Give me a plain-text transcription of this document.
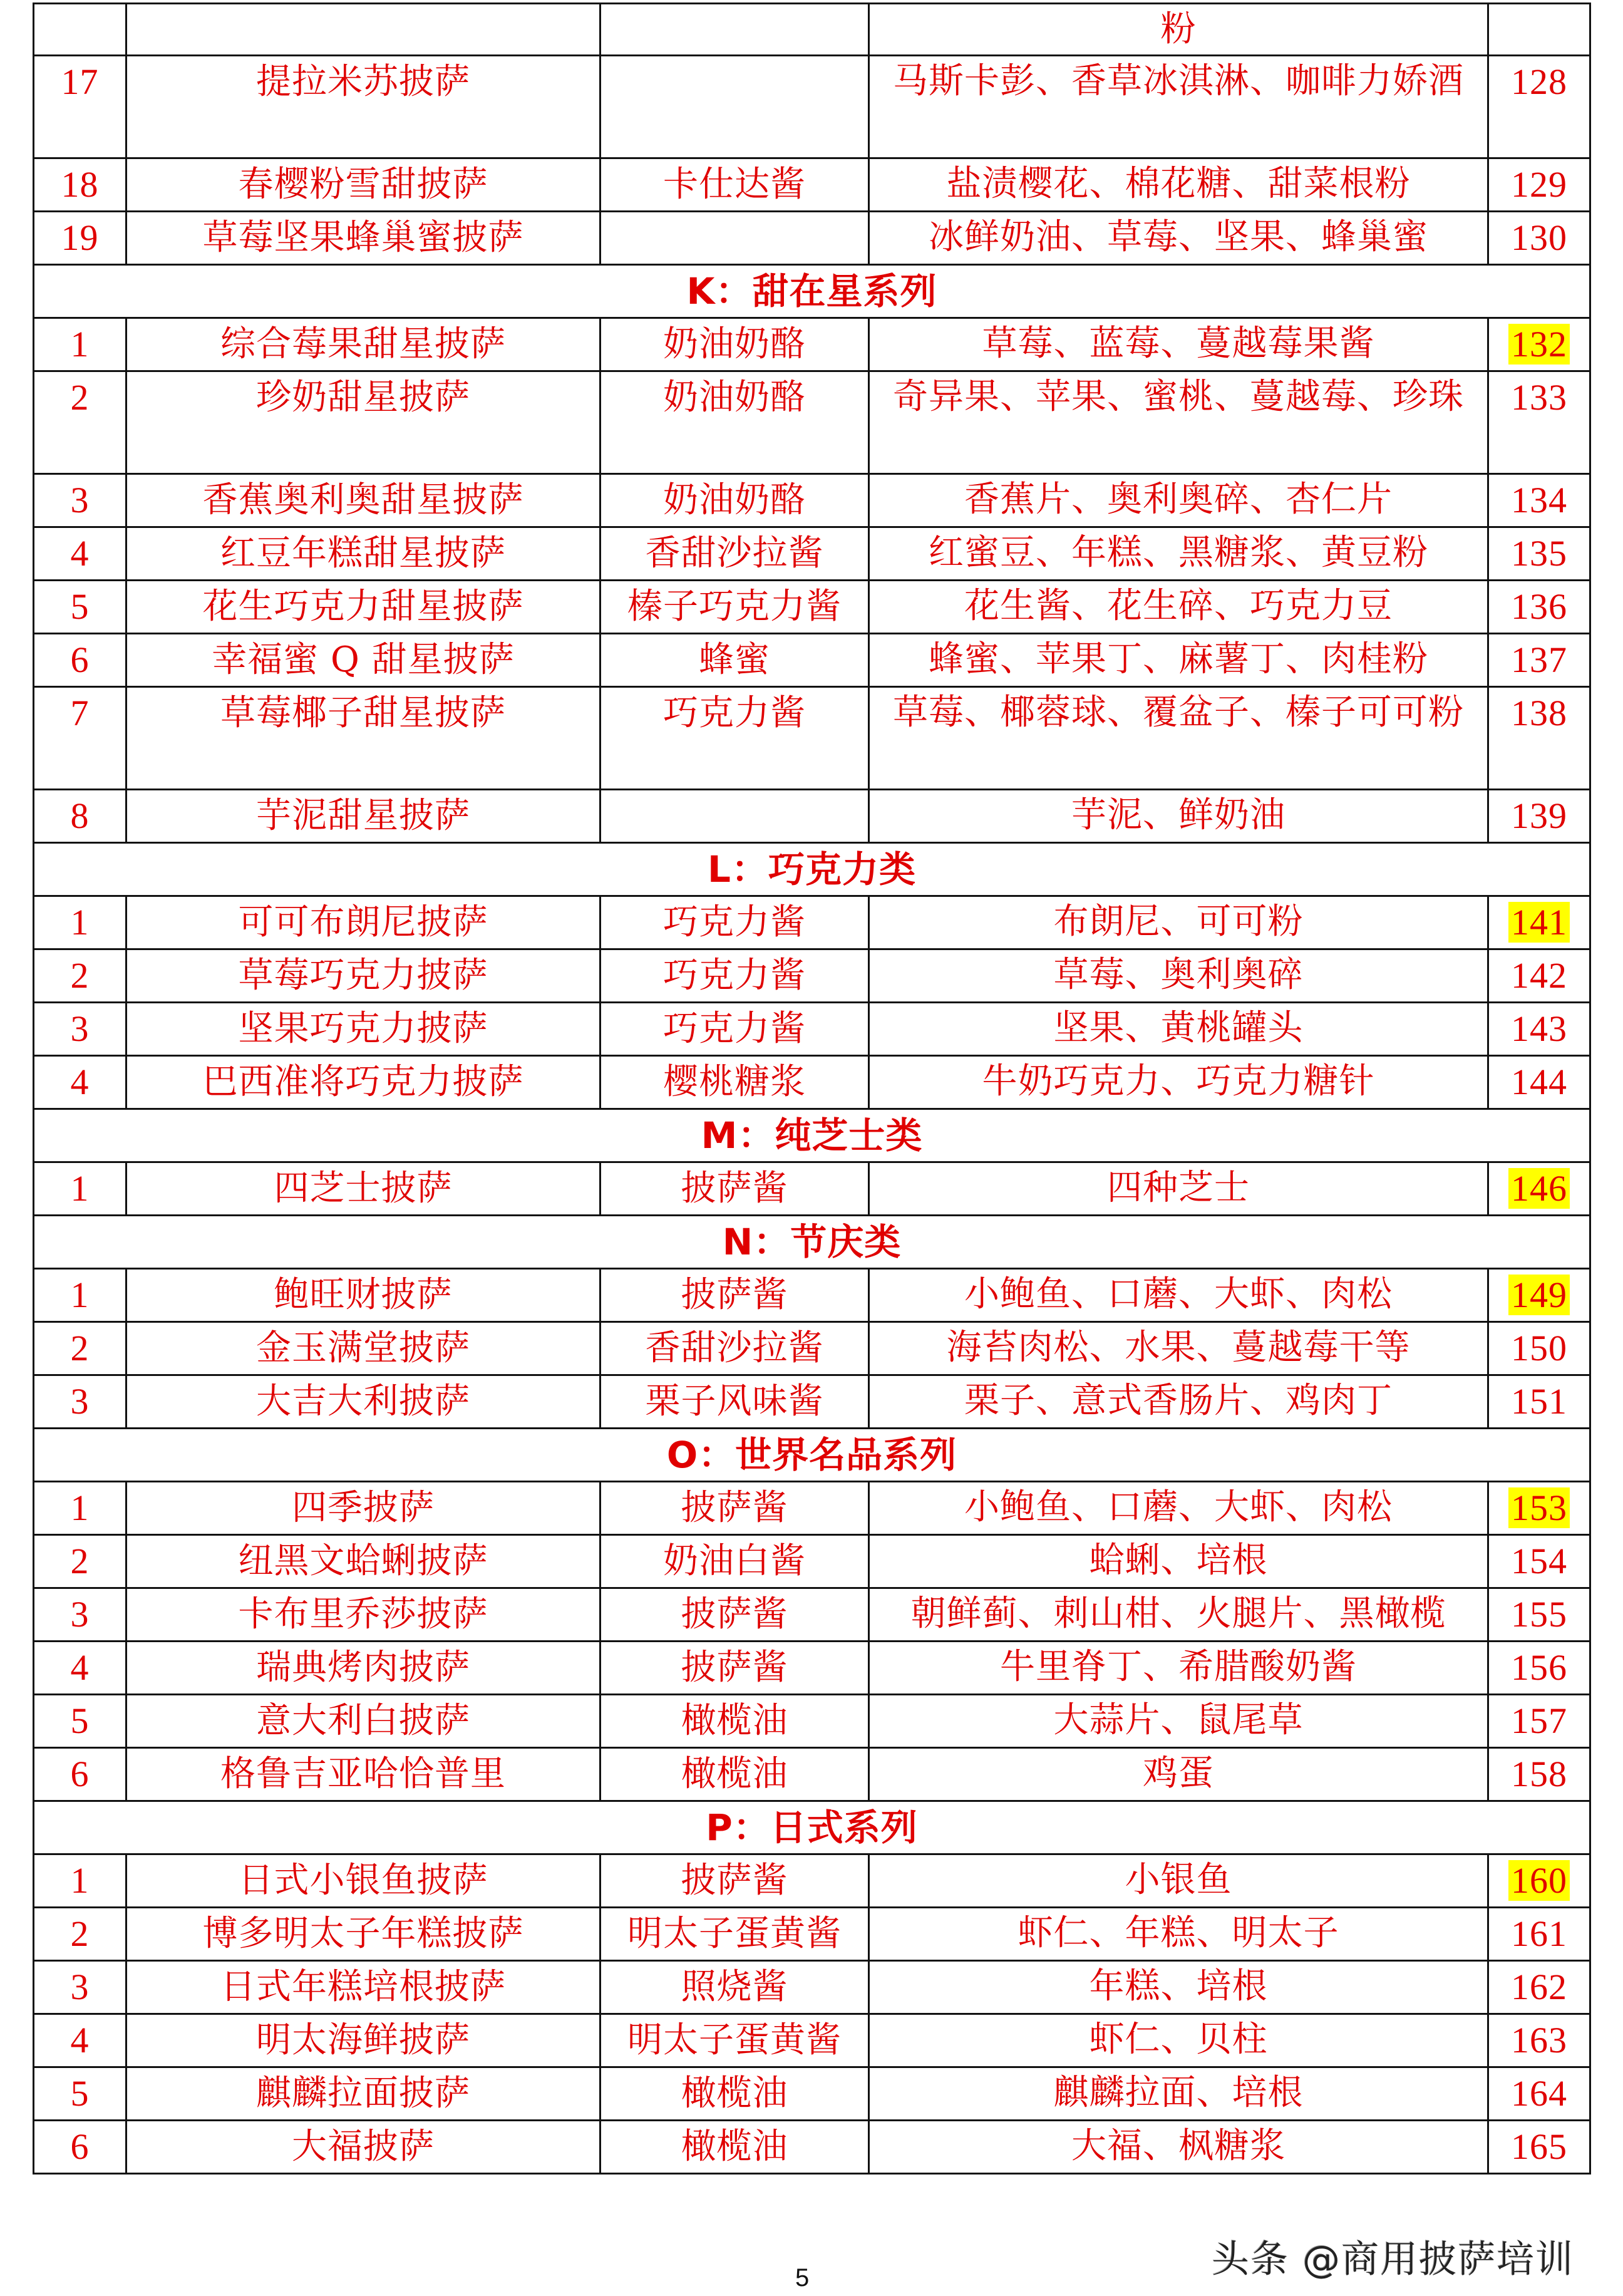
			粉	
17	提拉米苏披萨		马斯卡彭、香草冰淇淋、咖啡力娇酒	128
18	春樱粉雪甜披萨	卡仕达酱	盐渍樱花、棉花糖、甜菜根粉	129
19	草莓坚果蜂巢蜜披萨		冰鲜奶油、草莓、坚果、蜂巢蜜	130
K：甜在星系列				
1	综合莓果甜星披萨	奶油奶酪	草莓、蓝莓、蔓越莓果酱	132
2	珍奶甜星披萨	奶油奶酪	奇异果、苹果、蜜桃、蔓越莓、珍珠	133
3	香蕉奥利奥甜星披萨	奶油奶酪	香蕉片、奥利奥碎、杏仁片	134
4	红豆年糕甜星披萨	香甜沙拉酱	红蜜豆、年糕、黑糖浆、黄豆粉	135
5	花生巧克力甜星披萨	榛子巧克力酱	花生酱、花生碎、巧克力豆	136
6	幸福蜜 Q 甜星披萨	蜂蜜	蜂蜜、苹果丁、麻薯丁、肉桂粉	137
7	草莓椰子甜星披萨	巧克力酱	草莓、椰蓉球、覆盆子、榛子可可粉	138
8	芋泥甜星披萨		芋泥、鲜奶油	139
L：巧克力类				
1	可可布朗尼披萨	巧克力酱	布朗尼、可可粉	141
2	草莓巧克力披萨	巧克力酱	草莓、奥利奥碎	142
3	坚果巧克力披萨	巧克力酱	坚果、黄桃罐头	143
4	巴西准将巧克力披萨	樱桃糖浆	牛奶巧克力、巧克力糖针	144
M：纯芝士类				
1	四芝士披萨	披萨酱	四种芝士	146
N：节庆类				
1	鲍旺财披萨	披萨酱	小鲍鱼、口蘑、大虾、肉松	149
2	金玉满堂披萨	香甜沙拉酱	海苔肉松、水果、蔓越莓干等	150
3	大吉大利披萨	栗子风味酱	栗子、意式香肠片、鸡肉丁	151
O：世界名品系列				
1	四季披萨	披萨酱	小鲍鱼、口蘑、大虾、肉松	153
2	纽黑文蛤蜊披萨	奶油白酱	蛤蜊、培根	154
3	卡布里乔莎披萨	披萨酱	朝鲜蓟、刺山柑、火腿片、黑橄榄	155
4	瑞典烤肉披萨	披萨酱	牛里脊丁、希腊酸奶酱	156
5	意大利白披萨	橄榄油	大蒜片、鼠尾草	157
6	格鲁吉亚哈恰普里	橄榄油	鸡蛋	158
P：日式系列				
1	日式小银鱼披萨	披萨酱	小银鱼	160
2	博多明太子年糕披萨	明太子蛋黄酱	虾仁、年糕、明太子	161
3	日式年糕培根披萨	照烧酱	年糕、培根	162
4	明太海鲜披萨	明太子蛋黄酱	虾仁、贝柱	163
5	麒麟拉面披萨	橄榄油	麒麟拉面、培根	164
6	大福披萨	橄榄油	大福、枫糖浆	165
头条 @商用披萨培训
5
